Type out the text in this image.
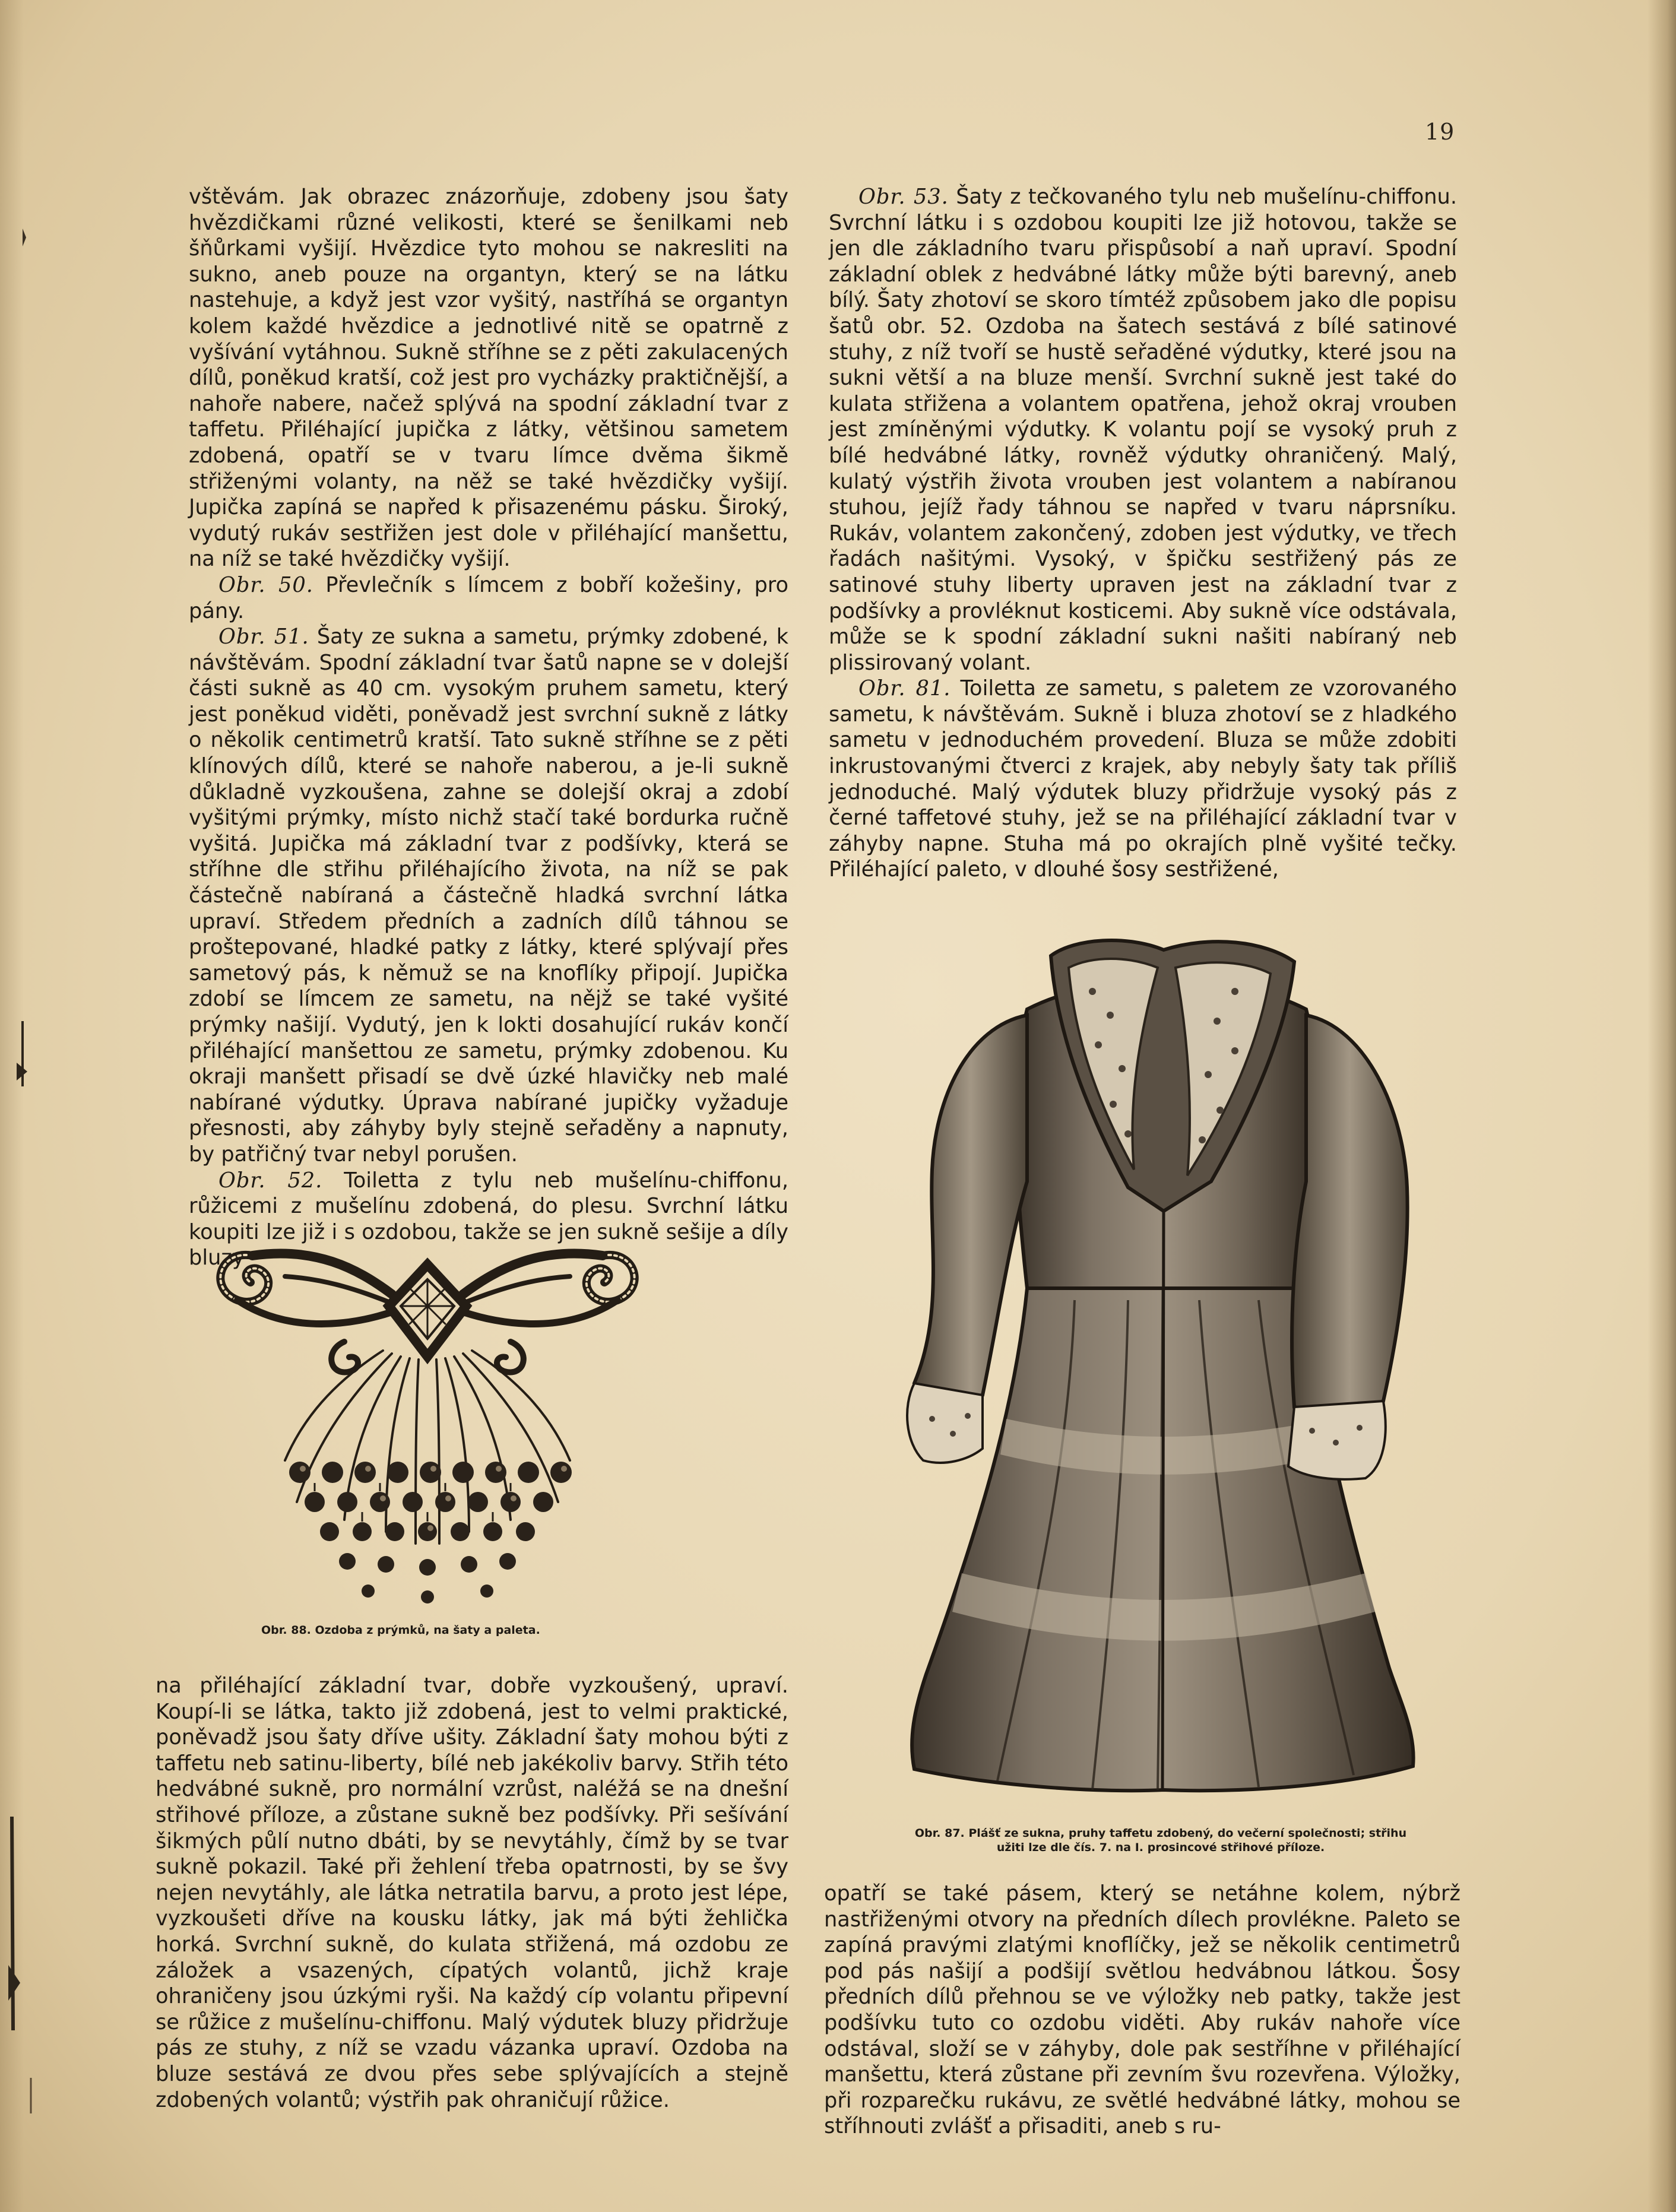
19

vštěvám. Jak obrazec znázorňuje, zdobeny jsou šaty hvězdičkami různé velikosti, které se šenilkami neb šňůrkami vyšijí. Hvězdice tyto mohou se nakresliti na sukno, aneb pouze na organtyn, který se na látku nastehuje, a když jest vzor vyšitý, nastříhá se organtyn kolem každé hvězdice a jednotlivé nitě se opatrně z vyšívání vytáhnou. Sukně stříhne se z pěti zakulacených dílů, poněkud kratší, což jest pro vycházky praktičnější, a nahoře nabere, načež splývá na spodní základní tvar z taffetu. Přiléhající jupička z látky, většinou sametem zdobená, opatří se v tvaru límce dvěma šikmě střiženými volanty, na něž se také hvězdičky vyšijí. Jupička zapíná se napřed k přisazenému pásku. Široký, vydutý rukáv sestřižen jest dole v přiléhající manšettu, na níž se také hvězdičky vyšijí.

Obr. 50. Převlečník s límcem z bobří kožešiny, pro pány.

Obr. 51. Šaty ze sukna a sametu, prýmky zdobené, k návštěvám. Spodní základní tvar šatů napne se v dolejší části sukně as 40 cm. vysokým pruhem sametu, který jest poněkud viděti, poněvadž jest svrchní sukně z látky o několik centimetrů kratší. Tato sukně stříhne se z pěti klínových dílů, které se nahoře naberou, a je-li sukně důkladně vyzkoušena, zahne se dolejší okraj a zdobí vyšitými prýmky, místo nichž stačí také bordurka ručně vyšitá. Jupička má základní tvar z podšívky, která se stříhne dle střihu přiléhajícího života, na níž se pak částečně nabíraná a částečně hladká svrchní látka upraví. Středem předních a zadních dílů táhnou se proštepované, hladké patky z látky, které splývají přes sametový pás, k němuž se na knoflíky připojí. Jupička zdobí se límcem ze sametu, na nějž se také vyšité prýmky našijí. Vydutý, jen k lokti dosahující rukáv končí přiléhající manšettou ze sametu, prýmky zdobenou. Ku okraji manšett přisadí se dvě úzké hlavičky neb malé nabírané výdutky. Úprava nabírané jupičky vyžaduje přesnosti, aby záhyby byly stejně seřaděny a napnuty, by patřičný tvar nebyl porušen.

Obr. 52. Toiletta z tylu neb mušelínu-chiffonu, růžicemi z mušelínu zdobená, do plesu. Svrchní látku koupiti lze již i s ozdobou, takže se jen sukně sešije a díly bluzy

Obr. 88. Ozdoba z prýmků, na šaty a paleta.

na přiléhající základní tvar, dobře vyzkoušený, upraví. Koupí-li se látka, takto již zdobená, jest to velmi praktické, poněvadž jsou šaty dříve ušity. Základní šaty mohou býti z taffetu neb satinu-liberty, bílé neb jakékoliv barvy. Střih této hedvábné sukně, pro normální vzrůst, naléžá se na dnešní střihové příloze, a zůstane sukně bez podšívky. Při sešívání šikmých půlí nutno dbáti, by se nevytáhly, čímž by se tvar sukně pokazil. Také při žehlení třeba opatrnosti, by se švy nejen nevytáhly, ale látka netratila barvu, a proto jest lépe, vyzkoušeti dříve na kousku látky, jak má býti žehlička horká. Svrchní sukně, do kulata střižená, má ozdobu ze záložek a vsazených, cípatých volantů, jichž kraje ohraničeny jsou úzkými ryši. Na každý cíp volantu připevní se růžice z mušelínu-chiffonu. Malý výdutek bluzy přidržuje pás ze stuhy, z níž se vzadu vázanka upraví. Ozdoba na bluze sestává ze dvou přes sebe splývajících a stejně zdobených volantů; výstřih pak ohraničují růžice.

Obr. 53. Šaty z tečkovaného tylu neb mušelínu-chiffonu. Svrchní látku i s ozdobou koupiti lze již hotovou, takže se jen dle základního tvaru přispůsobí a naň upraví. Spodní základní oblek z hedvábné látky může býti barevný, aneb bílý. Šaty zhotoví se skoro tímtéž způsobem jako dle popisu šatů obr. 52. Ozdoba na šatech sestává z bílé satinové stuhy, z níž tvoří se hustě seřaděné výdutky, které jsou na sukni větší a na bluze menší. Svrchní sukně jest také do kulata střižena a volantem opatřena, jehož okraj vrouben jest zmíněnými výdutky. K volantu pojí se vysoký pruh z bílé hedvábné látky, rovněž výdutky ohraničený. Malý, kulatý výstřih života vrouben jest volantem a nabíranou stuhou, jejíž řady táhnou se napřed v tvaru náprsníku. Rukáv, volantem zakončený, zdoben jest výdutky, ve třech řadách našitými. Vysoký, v špičku sestřižený pás ze satinové stuhy liberty upraven jest na základní tvar z podšívky a provléknut kosticemi. Aby sukně více odstávala, může se k spodní základní sukni našiti nabíraný neb plissirovaný volant.

Obr. 81. Toiletta ze sametu, s paletem ze vzorovaného sametu, k návštěvám. Sukně i bluza zhotoví se z hladkého sametu v jednoduchém provedení. Bluza se může zdobiti inkrustovanými čtverci z krajek, aby nebyly šaty tak příliš jednoduché. Malý výdutek bluzy přidržuje vysoký pás z černé taffetové stuhy, jež se na přiléhající základní tvar v záhyby napne. Stuha má po okrajích plně vyšité tečky. Přiléhající paleto, v dlouhé šosy sestřižené,

Obr. 87. Plášť ze sukna, pruhy taffetu zdobený, do večerní společnosti; střihu
užiti lze dle čís. 7. na I. prosincové střihové příloze.

opatří se také pásem, který se netáhne kolem, nýbrž nastřiženými otvory na předních dílech provlékne. Paleto se zapíná pravými zlatými knoflíčky, jež se několik centimetrů pod pás našijí a podšijí světlou hedvábnou látkou. Šosy předních dílů přehnou se ve výložky neb patky, takže jest podšívku tuto co ozdobu viděti. Aby rukáv nahoře více odstával, složí se v záhyby, dole pak sestříhne v přiléhající manšettu, která zůstane při zevním švu rozevřena. Výložky, při rozparečku rukávu, ze světlé hedvábné látky, mohou se stříhnouti zvlášť a přisaditi, aneb s ru-
